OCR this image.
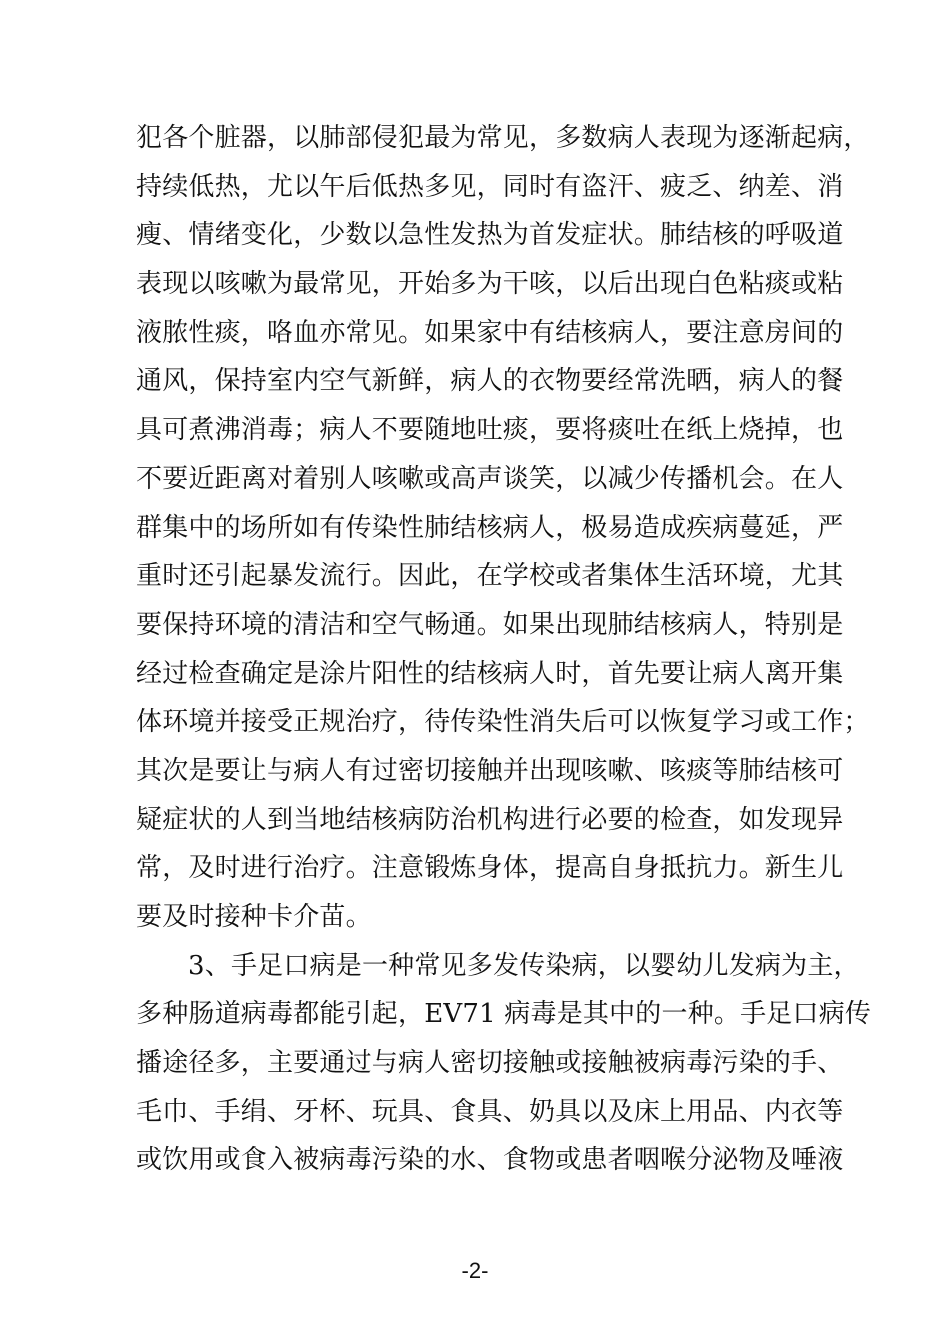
犯各个脏器，以肺部侵犯最为常见，多数病人表现为逐渐起病，
持续低热，尤以午后低热多见，同时有盗汗、疲乏、纳差、消
瘦、情绪变化，少数以急性发热为首发症状。肺结核的呼吸道
表现以咳嗽为最常见，开始多为干咳，以后出现白色粘痰或粘
液脓性痰，咯血亦常见。如果家中有结核病人，要注意房间的
通风，保持室内空气新鲜，病人的衣物要经常洗晒，病人的餐
具可煮沸消毒；病人不要随地吐痰，要将痰吐在纸上烧掉，也
不要近距离对着别人咳嗽或高声谈笑，以减少传播机会。在人
群集中的场所如有传染性肺结核病人，极易造成疾病蔓延，严
重时还引起暴发流行。因此，在学校或者集体生活环境，尤其
要保持环境的清洁和空气畅通。如果出现肺结核病人，特别是
经过检查确定是涂片阳性的结核病人时，首先要让病人离开集
体环境并接受正规治疗，待传染性消失后可以恢复学习或工作；
其次是要让与病人有过密切接触并出现咳嗽、咳痰等肺结核可
疑症状的人到当地结核病防治机构进行必要的检查，如发现异
常，及时进行治疗。注意锻炼身体，提高自身抵抗力。新生儿
要及时接种卡介苗。
3、手足口病是一种常见多发传染病，以婴幼儿发病为主，
多种肠道病毒都能引起，EV71 病毒是其中的一种。手足口病传
播途径多，主要通过与病人密切接触或接触被病毒污染的手、
毛巾、手绢、牙杯、玩具、食具、奶具以及床上用品、内衣等
或饮用或食入被病毒污染的水、食物或患者咽喉分泌物及唾液
-2-
